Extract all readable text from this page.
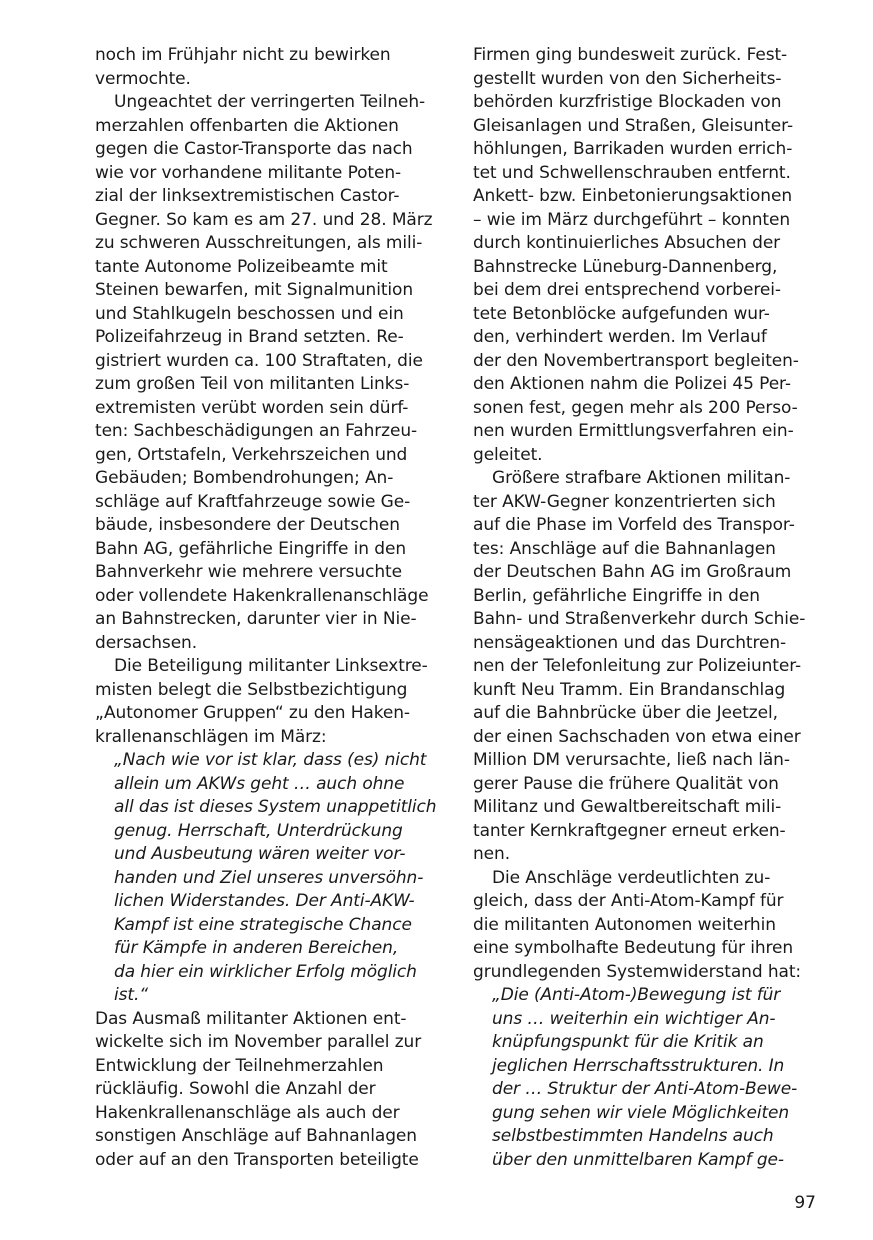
noch im Frühjahr nicht zu bewirken
vermochte.
Ungeachtet der verringerten Teilneh-
merzahlen offenbarten die Aktionen
gegen die Castor-Transporte das nach
wie vor vorhandene militante Poten-
zial der linksextremistischen Castor-
Gegner. So kam es am 27. und 28. März
zu schweren Ausschreitungen, als mili-
tante Autonome Polizeibeamte mit
Steinen bewarfen, mit Signalmunition
und Stahlkugeln beschossen und ein
Polizeifahrzeug in Brand setzten. Re-
gistriert wurden ca. 100 Straftaten, die
zum großen Teil von militanten Links-
extremisten verübt worden sein dürf-
ten: Sachbeschädigungen an Fahrzeu-
gen, Ortstafeln, Verkehrszeichen und
Gebäuden; Bombendrohungen; An-
schläge auf Kraftfahrzeuge sowie Ge-
bäude, insbesondere der Deutschen
Bahn AG, gefährliche Eingriffe in den
Bahnverkehr wie mehrere versuchte
oder vollendete Hakenkrallenanschläge
an Bahnstrecken, darunter vier in Nie-
dersachsen.
Die Beteiligung militanter Linksextre-
misten belegt die Selbstbezichtigung
„Autonomer Gruppen“ zu den Haken-
krallenanschlägen im März:
„Nach wie vor ist klar, dass (es) nicht
allein um AKWs geht … auch ohne
all das ist dieses System unappetitlich
genug. Herrschaft, Unterdrückung
und Ausbeutung wären weiter vor-
handen und Ziel unseres unversöhn-
lichen Widerstandes. Der Anti-AKW-
Kampf ist eine strategische Chance
für Kämpfe in anderen Bereichen,
da hier ein wirklicher Erfolg möglich
ist.“
Das Ausmaß militanter Aktionen ent-
wickelte sich im November parallel zur
Entwicklung der Teilnehmerzahlen
rückläufig. Sowohl die Anzahl der
Hakenkrallenanschläge als auch der
sonstigen Anschläge auf Bahnanlagen
oder auf an den Transporten beteiligte
Firmen ging bundesweit zurück. Fest-
gestellt wurden von den Sicherheits-
behörden kurzfristige Blockaden von
Gleisanlagen und Straßen, Gleisunter-
höhlungen, Barrikaden wurden errich-
tet und Schwellenschrauben entfernt.
Ankett- bzw. Einbetonierungsaktionen
– wie im März durchgeführt – konnten
durch kontinuierliches Absuchen der
Bahnstrecke Lüneburg-Dannenberg,
bei dem drei entsprechend vorberei-
tete Betonblöcke aufgefunden wur-
den, verhindert werden. Im Verlauf
der den Novembertransport begleiten-
den Aktionen nahm die Polizei 45 Per-
sonen fest, gegen mehr als 200 Perso-
nen wurden Ermittlungsverfahren ein-
geleitet.
Größere strafbare Aktionen militan-
ter AKW-Gegner konzentrierten sich
auf die Phase im Vorfeld des Transpor-
tes: Anschläge auf die Bahnanlagen
der Deutschen Bahn AG im Großraum
Berlin, gefährliche Eingriffe in den
Bahn- und Straßenverkehr durch Schie-
nensägeaktionen und das Durchtren-
nen der Telefonleitung zur Polizeiunter-
kunft Neu Tramm. Ein Brandanschlag
auf die Bahnbrücke über die Jeetzel,
der einen Sachschaden von etwa einer
Million DM verursachte, ließ nach län-
gerer Pause die frühere Qualität von
Militanz und Gewaltbereitschaft mili-
tanter Kernkraftgegner erneut erken-
nen.
Die Anschläge verdeutlichten zu-
gleich, dass der Anti-Atom-Kampf für
die militanten Autonomen weiterhin
eine symbolhafte Bedeutung für ihren
grundlegenden Systemwiderstand hat:
„Die (Anti-Atom-)Bewegung ist für
uns … weiterhin ein wichtiger An-
knüpfungspunkt für die Kritik an
jeglichen Herrschaftsstrukturen. In
der … Struktur der Anti-Atom-Bewe-
gung sehen wir viele Möglichkeiten
selbstbestimmten Handelns auch
über den unmittelbaren Kampf ge-
97
